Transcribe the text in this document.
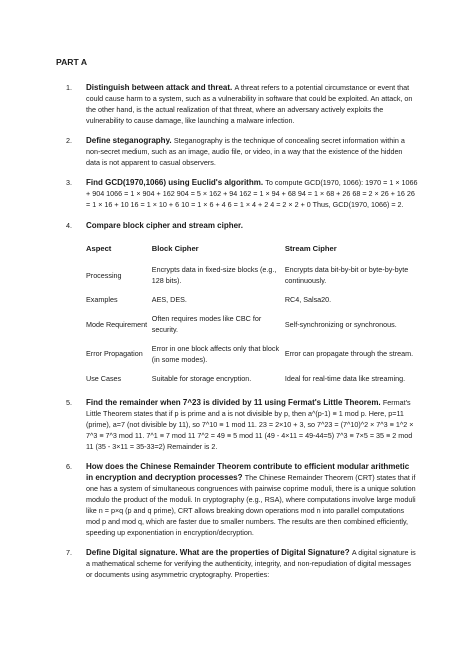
PART A
1. Distinguish between attack and threat. A threat refers to a potential circumstance or event that could cause harm to a system, such as a vulnerability in software that could be exploited. An attack, on the other hand, is the actual realization of that threat, where an adversary actively exploits the vulnerability to cause damage, like launching a malware infection.
2. Define steganography. Steganography is the technique of concealing secret information within a non-secret medium, such as an image, audio file, or video, in a way that the existence of the hidden data is not apparent to casual observers.
3. Find GCD(1970,1066) using Euclid's algorithm. To compute GCD(1970, 1066): 1970 = 1 × 1066 + 904 1066 = 1 × 904 + 162 904 = 5 × 162 + 94 162 = 1 × 94 + 68 94 = 1 × 68 + 26 68 = 2 × 26 + 16 26 = 1 × 16 + 10 16 = 1 × 10 + 6 10 = 1 × 6 + 4 6 = 1 × 4 + 2 4 = 2 × 2 + 0 Thus, GCD(1970, 1066) = 2.
4. Compare block cipher and stream cipher.
Aspect	Block Cipher	Stream Cipher
Processing	Encrypts data in fixed-size blocks (e.g., 128 bits).	Encrypts data bit-by-bit or byte-by-byte continuously.
Examples	AES, DES.	RC4, Salsa20.
Mode Requirement	Often requires modes like CBC for security.	Self-synchronizing or synchronous.
Error Propagation	Error in one block affects only that block (in some modes).	Error can propagate through the stream.
Use Cases	Suitable for storage encryption.	Ideal for real-time data like streaming.
5. Find the remainder when 7^23 is divided by 11 using Fermat's Little Theorem. Fermat's Little Theorem states that if p is prime and a is not divisible by p, then a^(p-1) ≡ 1 mod p. Here, p=11 (prime), a=7 (not divisible by 11), so 7^10 ≡ 1 mod 11. 23 = 2×10 + 3, so 7^23 = (7^10)^2 × 7^3 ≡ 1^2 × 7^3 ≡ 7^3 mod 11. 7^1 ≡ 7 mod 11 7^2 = 49 ≡ 5 mod 11 (49 - 4×11 = 49-44=5) 7^3 ≡ 7×5 = 35 ≡ 2 mod 11 (35 - 3×11 = 35-33=2) Remainder is 2.
6. How does the Chinese Remainder Theorem contribute to efficient modular arithmetic in encryption and decryption processes? The Chinese Remainder Theorem (CRT) states that if one has a system of simultaneous congruences with pairwise coprime moduli, there is a unique solution modulo the product of the moduli. In cryptography (e.g., RSA), where computations involve large moduli like n = p×q (p and q prime), CRT allows breaking down operations mod n into parallel computations mod p and mod q, which are faster due to smaller numbers. The results are then combined efficiently, speeding up exponentiation in encryption/decryption.
7. Define Digital signature. What are the properties of Digital Signature? A digital signature is a mathematical scheme for verifying the authenticity, integrity, and non-repudiation of digital messages or documents using asymmetric cryptography. Properties:
